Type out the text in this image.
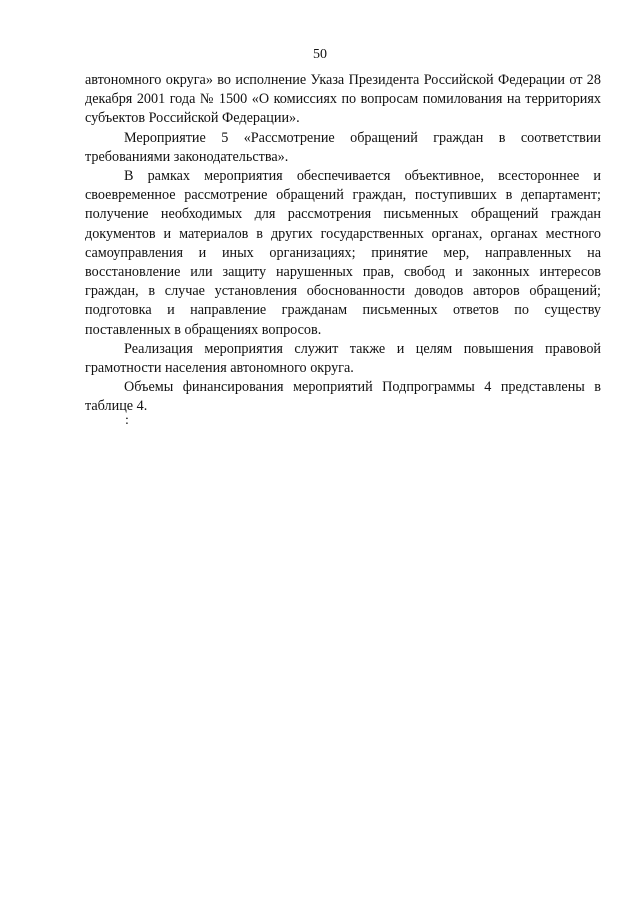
50

автономного округа» во исполнение Указа Президента Российской Федерации от 28 декабря 2001 года № 1500 «О комиссиях по вопросам помилования на территориях субъектов Российской Федерации».

Мероприятие 5 «Рассмотрение обращений граждан в соответствии требованиями законодательства».

В рамках мероприятия обеспечивается объективное, всестороннее и своевременное рассмотрение обращений граждан, поступивших в департамент; получение необходимых для рассмотрения письменных обращений граждан документов и материалов в других государственных органах, органах местного самоуправления и иных организациях; принятие мер, направленных на восстановление или защиту нарушенных прав, свобод и законных интересов граждан, в случае установления обоснованности доводов авторов обращений; подготовка и направление гражданам письменных ответов по существу поставленных в обращениях вопросов.

Реализация мероприятия служит также и целям повышения правовой грамотности населения автономного округа.

Объемы финансирования мероприятий Подпрограммы 4 представлены в таблице 4.

:
